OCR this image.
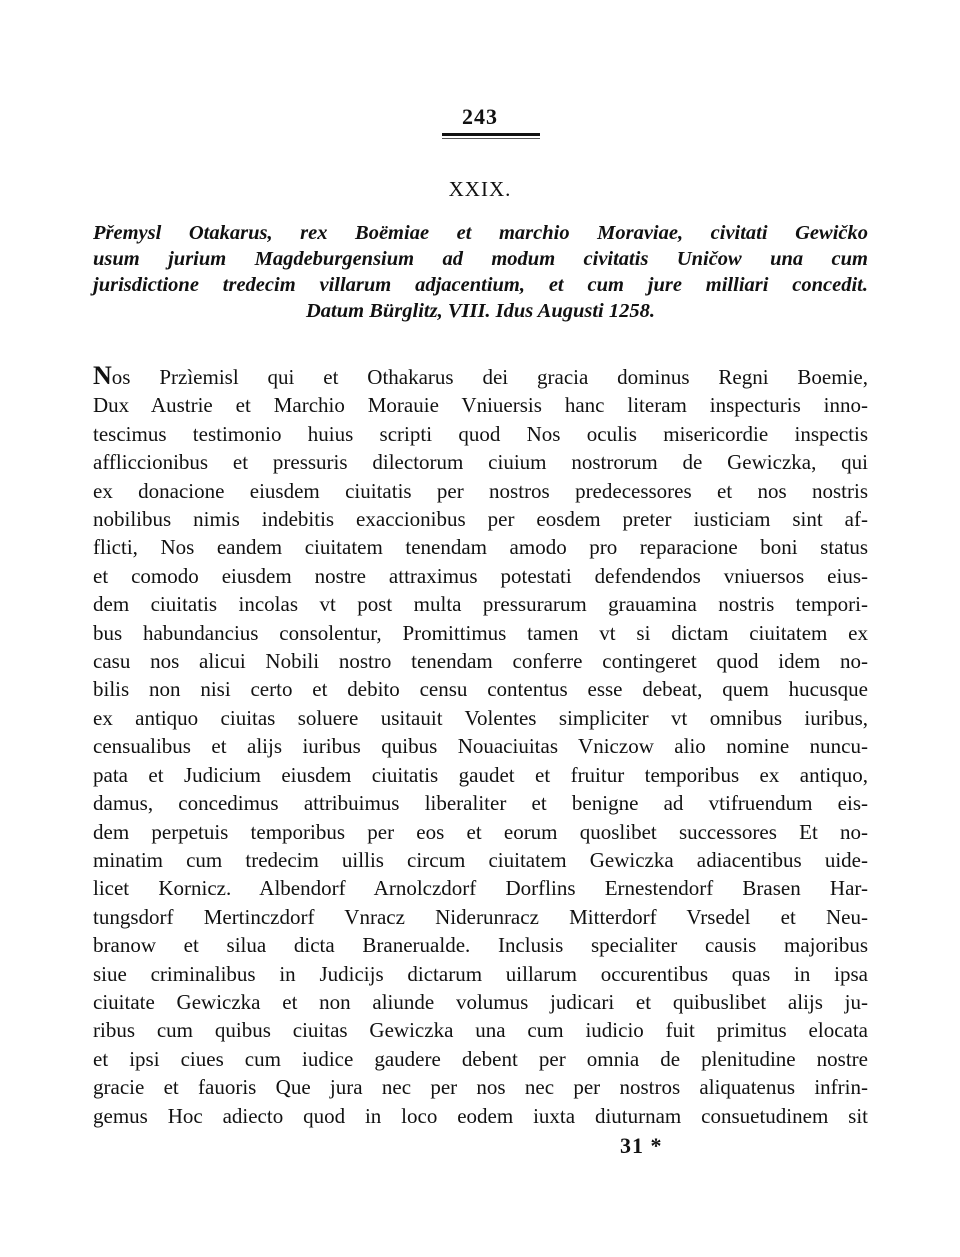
243
XXIX.
Přemysl Otakarus, rex Boëmiae et marchio Moraviae, civitati Gewičko
usum jurium Magdeburgensium ad modum civitatis Uničow una cum
jurisdictione tredecim villarum adjacentium, et cum jure milliari concedit.
Datum Bürglitz, VIII. Idus Augusti 1258.
Nos Przìemisl qui et Othakarus dei gracia dominus Regni Boemie,
Dux Austrie et Marchio Morauie Vniuersis hanc literam inspecturis inno-
tescimus testimonio huius scripti quod Nos oculis misericordie inspectis
affliccionibus et pressuris dilectorum ciuium nostrorum de Gewiczka, qui
ex donacione eiusdem ciuitatis per nostros predecessores et nos nostris
nobilibus nimis indebitis exaccionibus per eosdem preter iusticiam sint af-
flicti, Nos eandem ciuitatem tenendam amodo pro reparacione boni status
et comodo eiusdem nostre attraximus potestati defendendos vniuersos eius-
dem ciuitatis incolas vt post multa pressurarum grauamina nostris tempori-
bus habundancius consolentur, Promittimus tamen vt si dictam ciuitatem ex
casu nos alicui Nobili nostro tenendam conferre contingeret quod idem no-
bilis non nisi certo et debito censu contentus esse debeat, quem hucusque
ex antiquo ciuitas soluere usitauit Volentes simpliciter vt omnibus iuribus,
censualibus et alijs iuribus quibus Nouaciuitas Vniczow alio nomine nuncu-
pata et Judicium eiusdem ciuitatis gaudet et fruitur temporibus ex antiquo,
damus, concedimus attribuimus liberaliter et benigne ad vtifruendum eis-
dem perpetuis temporibus per eos et eorum quoslibet successores Et no-
minatim cum tredecim uillis circum ciuitatem Gewiczka adiacentibus uide-
licet Kornicz. Albendorf Arnolczdorf Dorflins Ernestendorf Brasen Har-
tungsdorf Mertinczdorf Vnracz Niderunracz Mitterdorf Vrsedel et Neu-
branow et silua dicta Branerualde. Inclusis specialiter causis majoribus
siue criminalibus in Judicijs dictarum uillarum occurentibus quas in ipsa
ciuitate Gewiczka et non aliunde volumus judicari et quibuslibet alijs ju-
ribus cum quibus ciuitas Gewiczka una cum iudicio fuit primitus elocata
et ipsi ciues cum iudice gaudere debent per omnia de plenitudine nostre
gracie et fauoris Que jura nec per nos nec per nostros aliquatenus infrin-
gemus Hoc adiecto quod in loco eodem iuxta diuturnam consuetudinem sit
31 *
